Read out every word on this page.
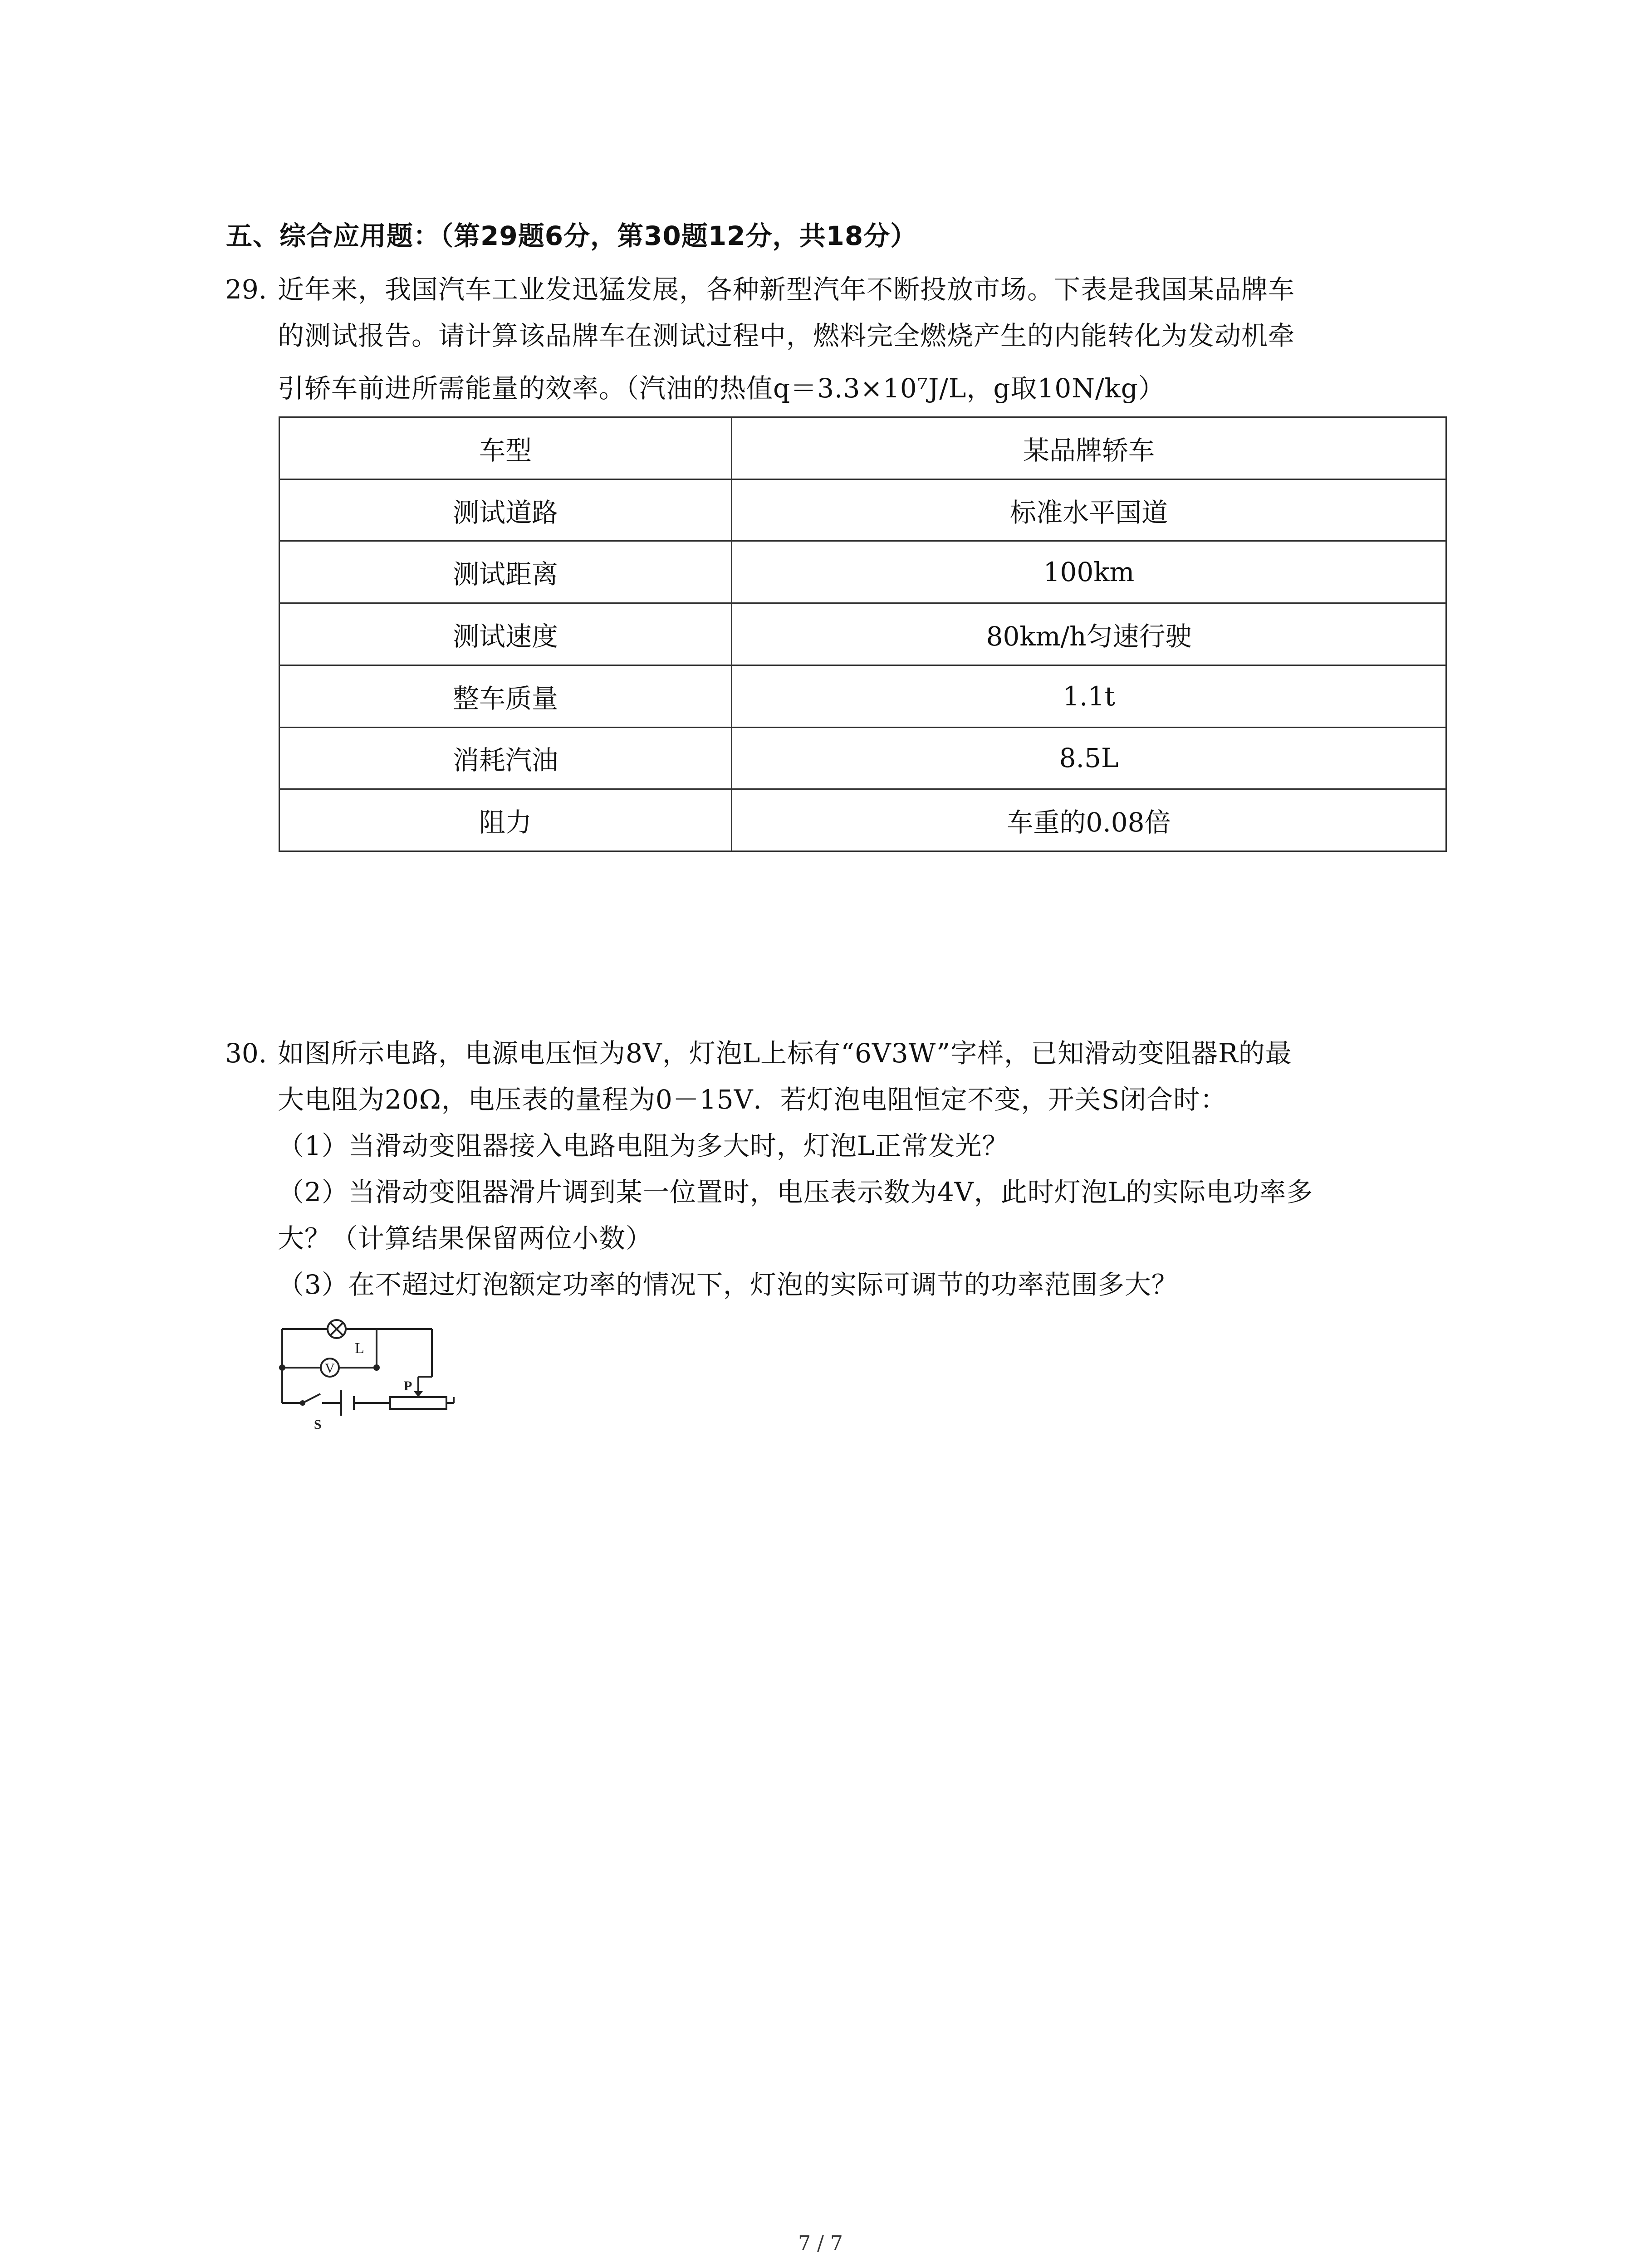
五、综合应用题：（第29题6分，第30题12分，共18分）
29. 近年来，我国汽车工业发迅猛发展，各种新型汽年不断投放市场。下表是我国某品牌车
的测试报告。请计算该品牌车在测试过程中，燃料完全燃烧产生的内能转化为发动机牵
引轿车前进所需能量的效率。（汽油的热值q＝3.3×10⁷J/L，g取10N/kg）
车型	某品牌轿车
测试道路	标准水平国道
测试距离	100km
测试速度	80km/h匀速行驶
整车质量	1.1t
消耗汽油	8.5L
阻力	车重的0.08倍
30. 如图所示电路，电源电压恒为8V，灯泡L上标有“6V3W”字样，已知滑动变阻器R的最
大电阻为20Ω，电压表的量程为0－15V．若灯泡电阻恒定不变，开关S闭合时：
（1）当滑动变阻器接入电路电阻为多大时，灯泡L正常发光？
（2）当滑动变阻器滑片调到某一位置时，电压表示数为4V，此时灯泡L的实际电功率多
大？（计算结果保留两位小数）
（3）在不超过灯泡额定功率的情况下，灯泡的实际可调节的功率范围多大？
V
L
P
S
7 / 7
